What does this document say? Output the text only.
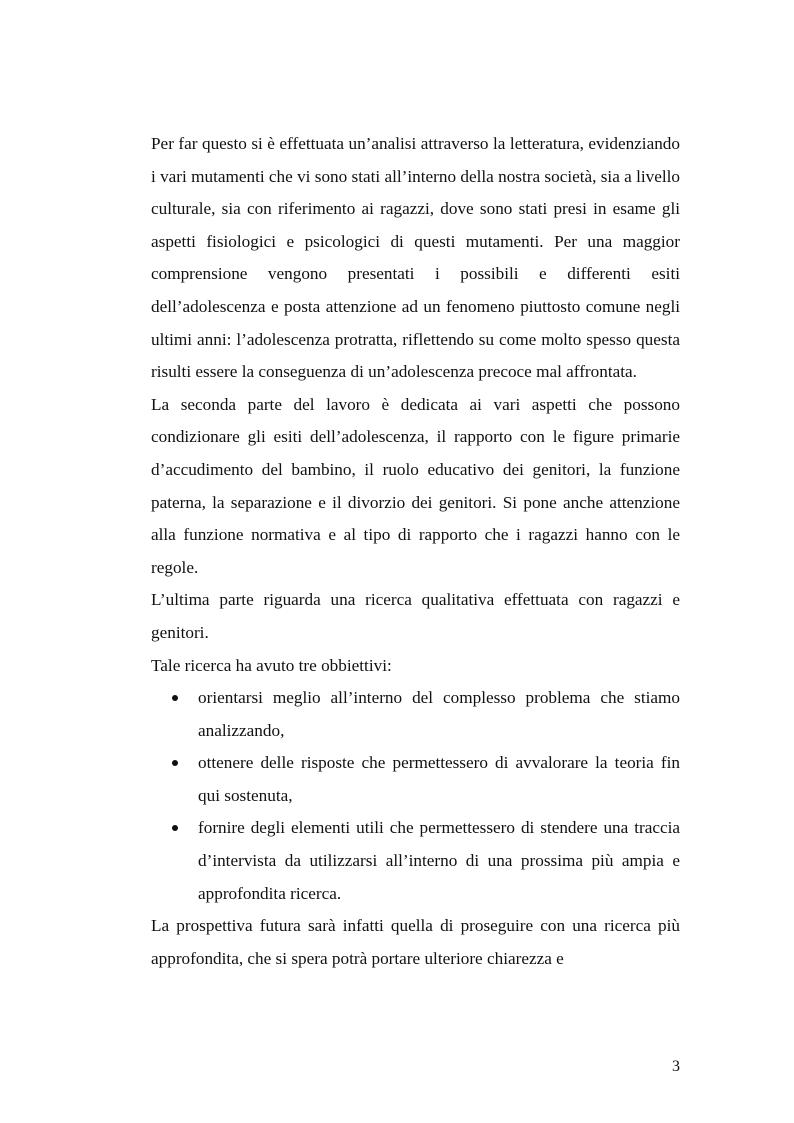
Per far questo si è effettuata un’analisi attraverso la letteratura, evidenziando i vari mutamenti che vi sono stati all’interno della nostra società, sia a livello culturale, sia con riferimento ai ragazzi, dove sono stati presi in esame gli aspetti fisiologici e psicologici di questi mutamenti. Per una maggior comprensione vengono presentati i possibili e differenti esiti dell’adolescenza e posta attenzione ad un fenomeno piuttosto comune negli ultimi anni: l’adolescenza protratta, riflettendo su come molto spesso questa risulti essere la conseguenza di un’adolescenza precoce mal affrontata.

La seconda parte del lavoro è dedicata ai vari aspetti che possono condizionare gli esiti dell’adolescenza, il rapporto con le figure primarie d’accudimento del bambino, il ruolo educativo dei genitori, la funzione paterna, la separazione e il divorzio dei genitori. Si pone anche attenzione alla funzione normativa e al tipo di rapporto che i ragazzi hanno con le regole.

L’ultima parte riguarda una ricerca qualitativa effettuata con ragazzi e genitori.

Tale ricerca ha avuto tre obbiettivi:

orientarsi meglio all’interno del complesso problema che stiamo analizzando,
ottenere delle risposte che permettessero di avvalorare la teoria fin qui sostenuta,
fornire degli elementi utili che permettessero di stendere una traccia d’intervista da utilizzarsi all’interno di una prossima più ampia e approfondita ricerca.

La prospettiva futura sarà infatti quella di proseguire con una ricerca più approfondita, che si spera potrà portare ulteriore chiarezza e

3
